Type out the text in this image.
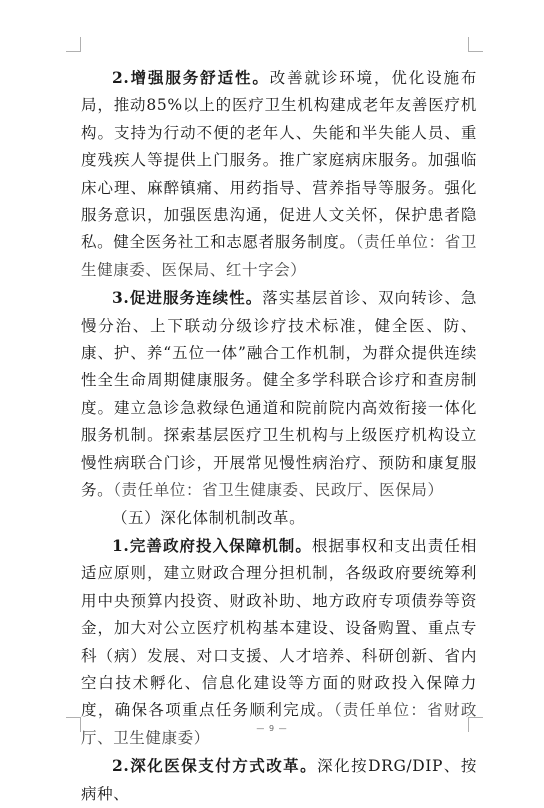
2.增强服务舒适性。改善就诊环境，优化设施布局，推动85%以上的医疗卫生机构建成老年友善医疗机构。支持为行动不便的老年人、失能和半失能人员、重度残疾人等提供上门服务。推广家庭病床服务。加强临床心理、麻醉镇痛、用药指导、营养指导等服务。强化服务意识，加强医患沟通，促进人文关怀，保护患者隐私。健全医务社工和志愿者服务制度。（责任单位：省卫生健康委、医保局、红十字会）

3.促进服务连续性。落实基层首诊、双向转诊、急慢分治、上下联动分级诊疗技术标准，健全医、防、康、护、养“五位一体”融合工作机制，为群众提供连续性全生命周期健康服务。健全多学科联合诊疗和查房制度。建立急诊急救绿色通道和院前院内高效衔接一体化服务机制。探索基层医疗卫生机构与上级医疗机构设立慢性病联合门诊，开展常见慢性病治疗、预防和康复服务。（责任单位：省卫生健康委、民政厅、医保局）

（五）深化体制机制改革。

1.完善政府投入保障机制。根据事权和支出责任相适应原则，建立财政合理分担机制，各级政府要统筹利用中央预算内投资、财政补助、地方政府专项债券等资金，加大对公立医疗机构基本建设、设备购置、重点专科（病）发展、对口支援、人才培养、科研创新、省内空白技术孵化、信息化建设等方面的财政投入保障力度，确保各项重点任务顺利完成。（责任单位：省财政厅、卫生健康委）

2.深化医保支付方式改革。深化按DRG/DIP、按病种、

— 9 —
